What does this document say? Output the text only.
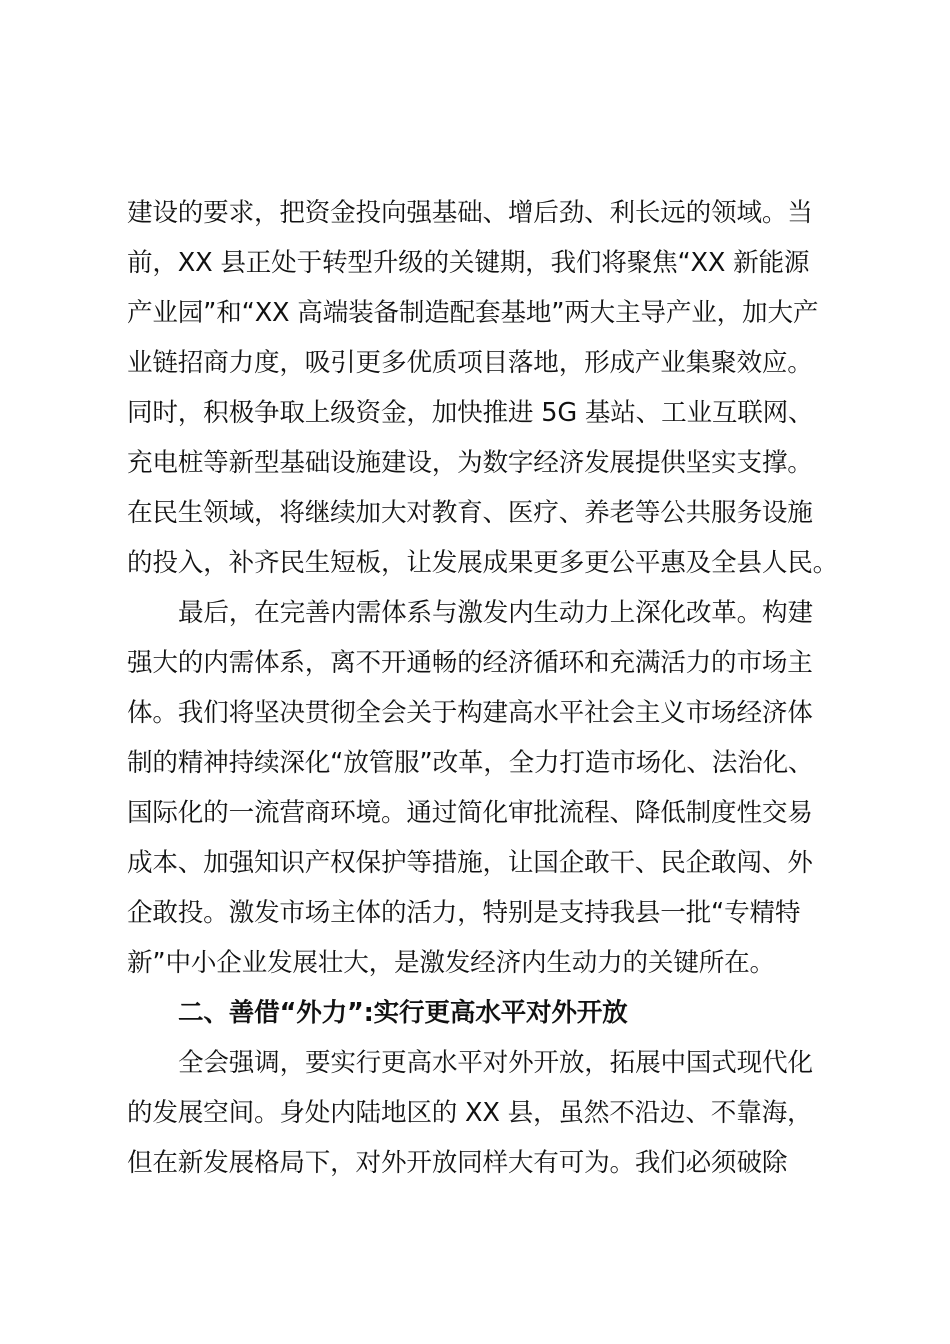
建设的要求，把资金投向强基础、增后劲、利长远的领域。当
前，XX 县正处于转型升级的关键期，我们将聚焦“XX 新能源
产业园”和“XX 高端装备制造配套基地”两大主导产业，加大产
业链招商力度，吸引更多优质项目落地，形成产业集聚效应。
同时，积极争取上级资金，加快推进 5G 基站、工业互联网、
充电桩等新型基础设施建设，为数字经济发展提供坚实支撑。
在民生领域，将继续加大对教育、医疗、养老等公共服务设施
的投入，补齐民生短板，让发展成果更多更公平惠及全县人民。
最后，在完善内需体系与激发内生动力上深化改革。构建
强大的内需体系，离不开通畅的经济循环和充满活力的市场主
体。我们将坚决贯彻全会关于构建高水平社会主义市场经济体
制的精神持续深化“放管服”改革，全力打造市场化、法治化、
国际化的一流营商环境。通过简化审批流程、降低制度性交易
成本、加强知识产权保护等措施，让国企敢干、民企敢闯、外
企敢投。激发市场主体的活力，特别是支持我县一批“专精特
新”中小企业发展壮大，是激发经济内生动力的关键所在。
二、善借“外力”:实行更高水平对外开放
全会强调，要实行更高水平对外开放，拓展中国式现代化
的发展空间。身处内陆地区的 XX 县，虽然不沿边、不靠海，
但在新发展格局下，对外开放同样大有可为。我们必须破除
